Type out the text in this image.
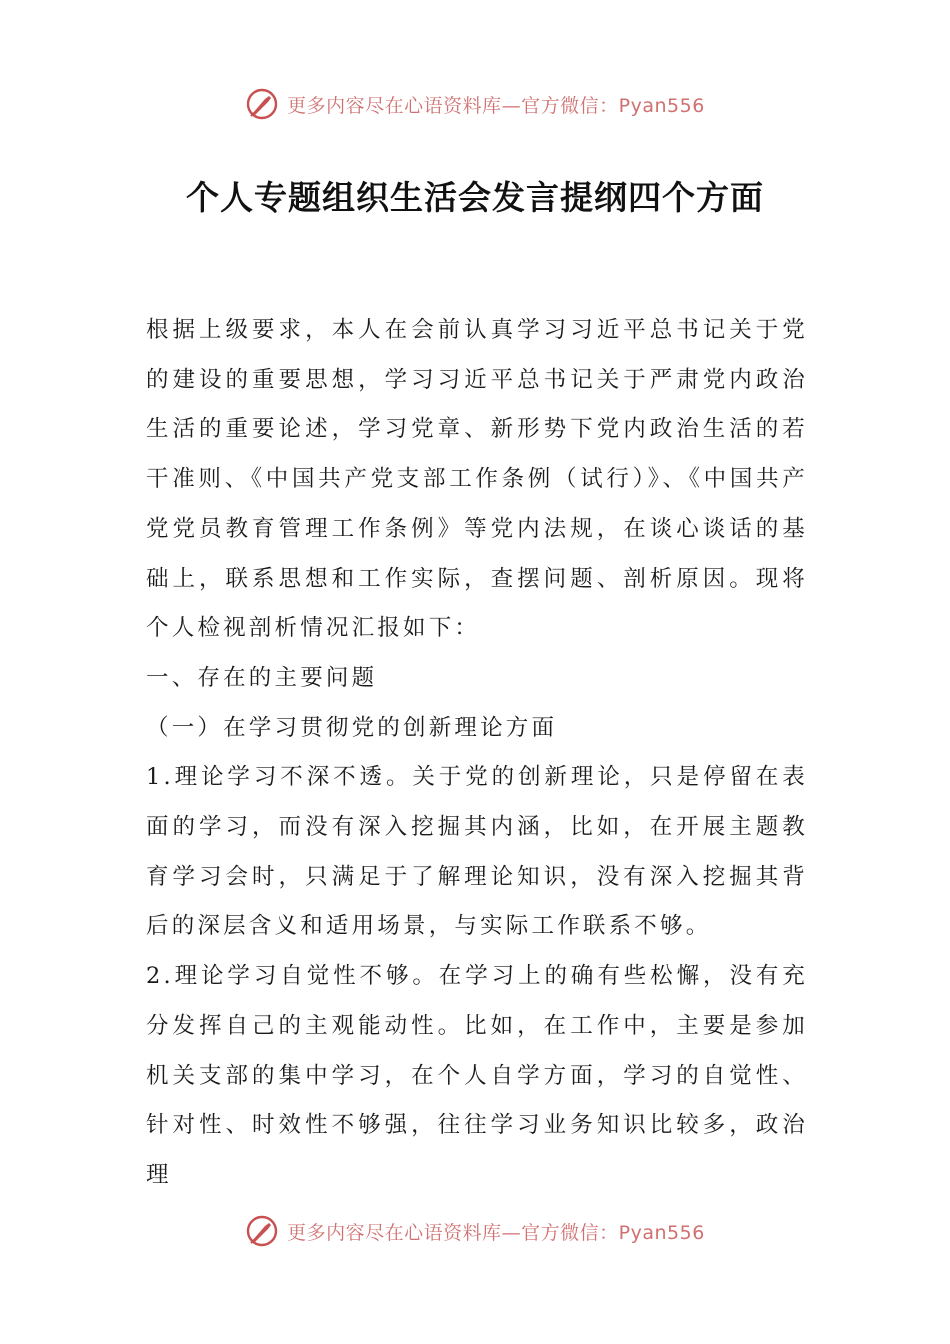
更多内容尽在心语资料库—官方微信：Pyan556
个人专题组织生活会发言提纲四个方面

根据上级要求，本人在会前认真学习习近平总书记关于党的建设的重要思想，学习习近平总书记关于严肃党内政治生活的重要论述，学习党章、新形势下党内政治生活的若干准则、《中国共产党支部工作条例（试行）》、《中国共产党党员教育管理工作条例》等党内法规，在谈心谈话的基础上，联系思想和工作实际，查摆问题、剖析原因。现将个人检视剖析情况汇报如下：

一、存在的主要问题

（一）在学习贯彻党的创新理论方面

1.理论学习不深不透。关于党的创新理论，只是停留在表面的学习，而没有深入挖掘其内涵，比如，在开展主题教育学习会时，只满足于了解理论知识，没有深入挖掘其背后的深层含义和适用场景，与实际工作联系不够。

2.理论学习自觉性不够。在学习上的确有些松懈，没有充分发挥自己的主观能动性。比如，在工作中，主要是参加机关支部的集中学习，在个人自学方面，学习的自觉性、针对性、时效性不够强，往往学习业务知识比较多，政治理

更多内容尽在心语资料库—官方微信：Pyan556
